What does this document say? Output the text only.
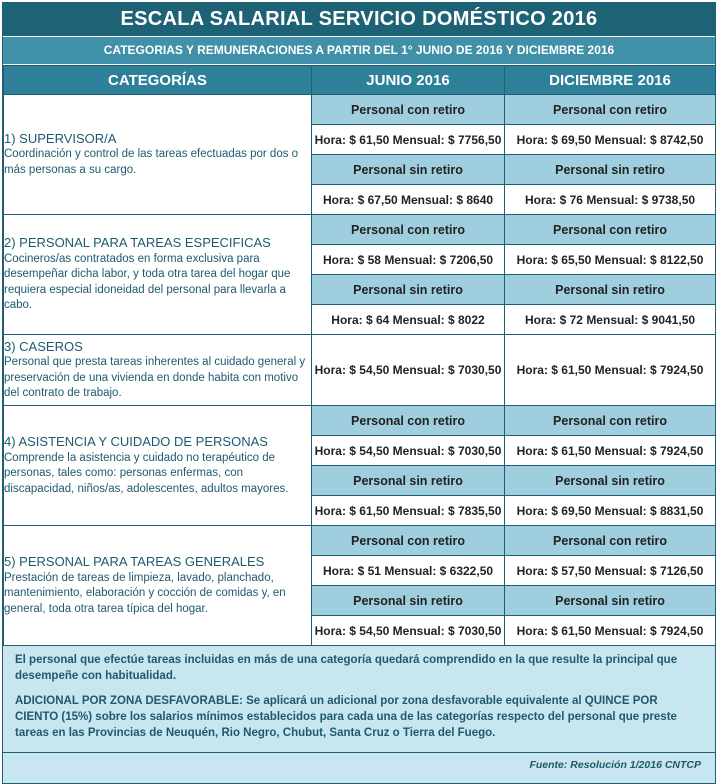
ESCALA SALARIAL SERVICIO DOMÉSTICO 2016
CATEGORIAS Y REMUNERACIONES A PARTIR DEL 1° JUNIO DE 2016 Y DICIEMBRE 2016
CATEGORÍAS	JUNIO 2016	DICIEMBRE 2016

1) SUPERVISOR/A
Coordinación y control de las tareas efectuadas por dos o más personas a su cargo.	Personal con retiro	Personal con retiro
	Hora: $ 61,50 Mensual: $ 7756,50	Hora: $ 69,50 Mensual: $ 8742,50
	Personal sin retiro	Personal sin retiro
	Hora: $ 67,50 Mensual: $ 8640	Hora: $ 76 Mensual: $ 9738,50

2) PERSONAL PARA TAREAS ESPECIFICAS
Cocineros/as contratados en forma exclusiva para desempeñar dicha labor, y toda otra tarea del hogar que requiera especial idoneidad del personal para llevarla a cabo.	Personal con retiro	Personal con retiro
	Hora: $ 58 Mensual: $ 7206,50	Hora: $ 65,50 Mensual: $ 8122,50
	Personal sin retiro	Personal sin retiro
	Hora: $ 64 Mensual: $ 8022	Hora: $ 72 Mensual: $ 9041,50

3) CASEROS
Personal que presta tareas inherentes al cuidado general y preservación de una vivienda en donde habita con motivo del contrato de trabajo.	Hora: $ 54,50 Mensual: $ 7030,50	Hora: $ 61,50 Mensual: $ 7924,50

4) ASISTENCIA Y CUIDADO DE PERSONAS
Comprende la asistencia y cuidado no terapéutico de personas, tales como: personas enfermas, con discapacidad, niños/as, adolescentes, adultos mayores.	Personal con retiro	Personal con retiro
	Hora: $ 54,50 Mensual: $ 7030,50	Hora: $ 61,50 Mensual: $ 7924,50
	Personal sin retiro	Personal sin retiro
	Hora: $ 61,50 Mensual: $ 7835,50	Hora: $ 69,50 Mensual: $ 8831,50

5) PERSONAL PARA TAREAS GENERALES
Prestación de tareas de limpieza, lavado, planchado, mantenimiento, elaboración y cocción de comidas y, en general, toda otra tarea típica del hogar.	Personal con retiro	Personal con retiro
	Hora: $ 51 Mensual: $ 6322,50	Hora: $ 57,50 Mensual: $ 7126,50
	Personal sin retiro	Personal sin retiro
	Hora: $ 54,50 Mensual: $ 7030,50	Hora: $ 61,50 Mensual: $ 7924,50

El personal que efectúe tareas incluidas en más de una categoría quedará comprendido en la que resulte la principal que desempeñe con habitualidad.

ADICIONAL POR ZONA DESFAVORABLE: Se aplicará un adicional por zona desfavorable equivalente al QUINCE POR CIENTO (15%) sobre los salarios mínimos establecidos para cada una de las categorías respecto del personal que preste tareas en las Provincias de Neuquén, Rio Negro, Chubut, Santa Cruz o Tierra del Fuego.

Fuente: Resolución 1/2016 CNTCP
